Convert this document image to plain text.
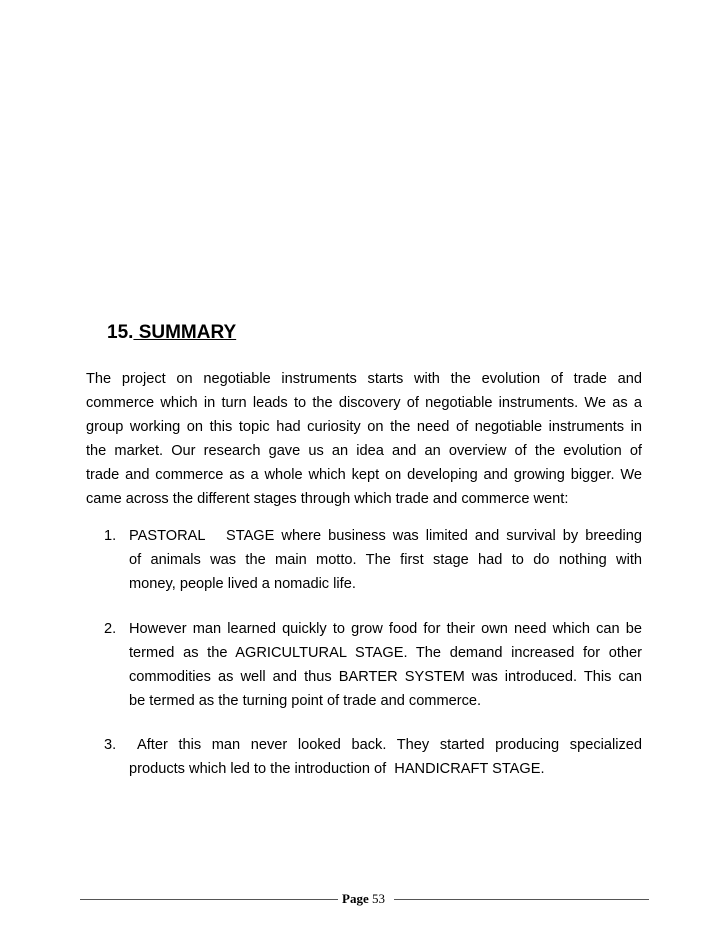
15. SUMMARY
The project on negotiable instruments starts with the evolution of trade and
commerce which in turn leads to the discovery of negotiable instruments. We as a
group working on this topic had curiosity on the need of negotiable instruments in
the market. Our research gave us an idea and an overview of the evolution of
trade and commerce as a whole which kept on developing and growing bigger. We
came across the different stages through which trade and commerce went:
1. PASTORAL   STAGE where business was limited and survival by breeding
of animals was the main motto. The first stage had to do nothing with
money, people lived a nomadic life.
2. However man learned quickly to grow food for their own need which can be
termed as the AGRICULTURAL STAGE. The demand increased for other
commodities as well and thus BARTER SYSTEM was introduced. This can
be termed as the turning point of trade and commerce.
3.	After this man never looked back. They started producing specialized
products which led to the introduction of  HANDICRAFT STAGE.
Page 53
